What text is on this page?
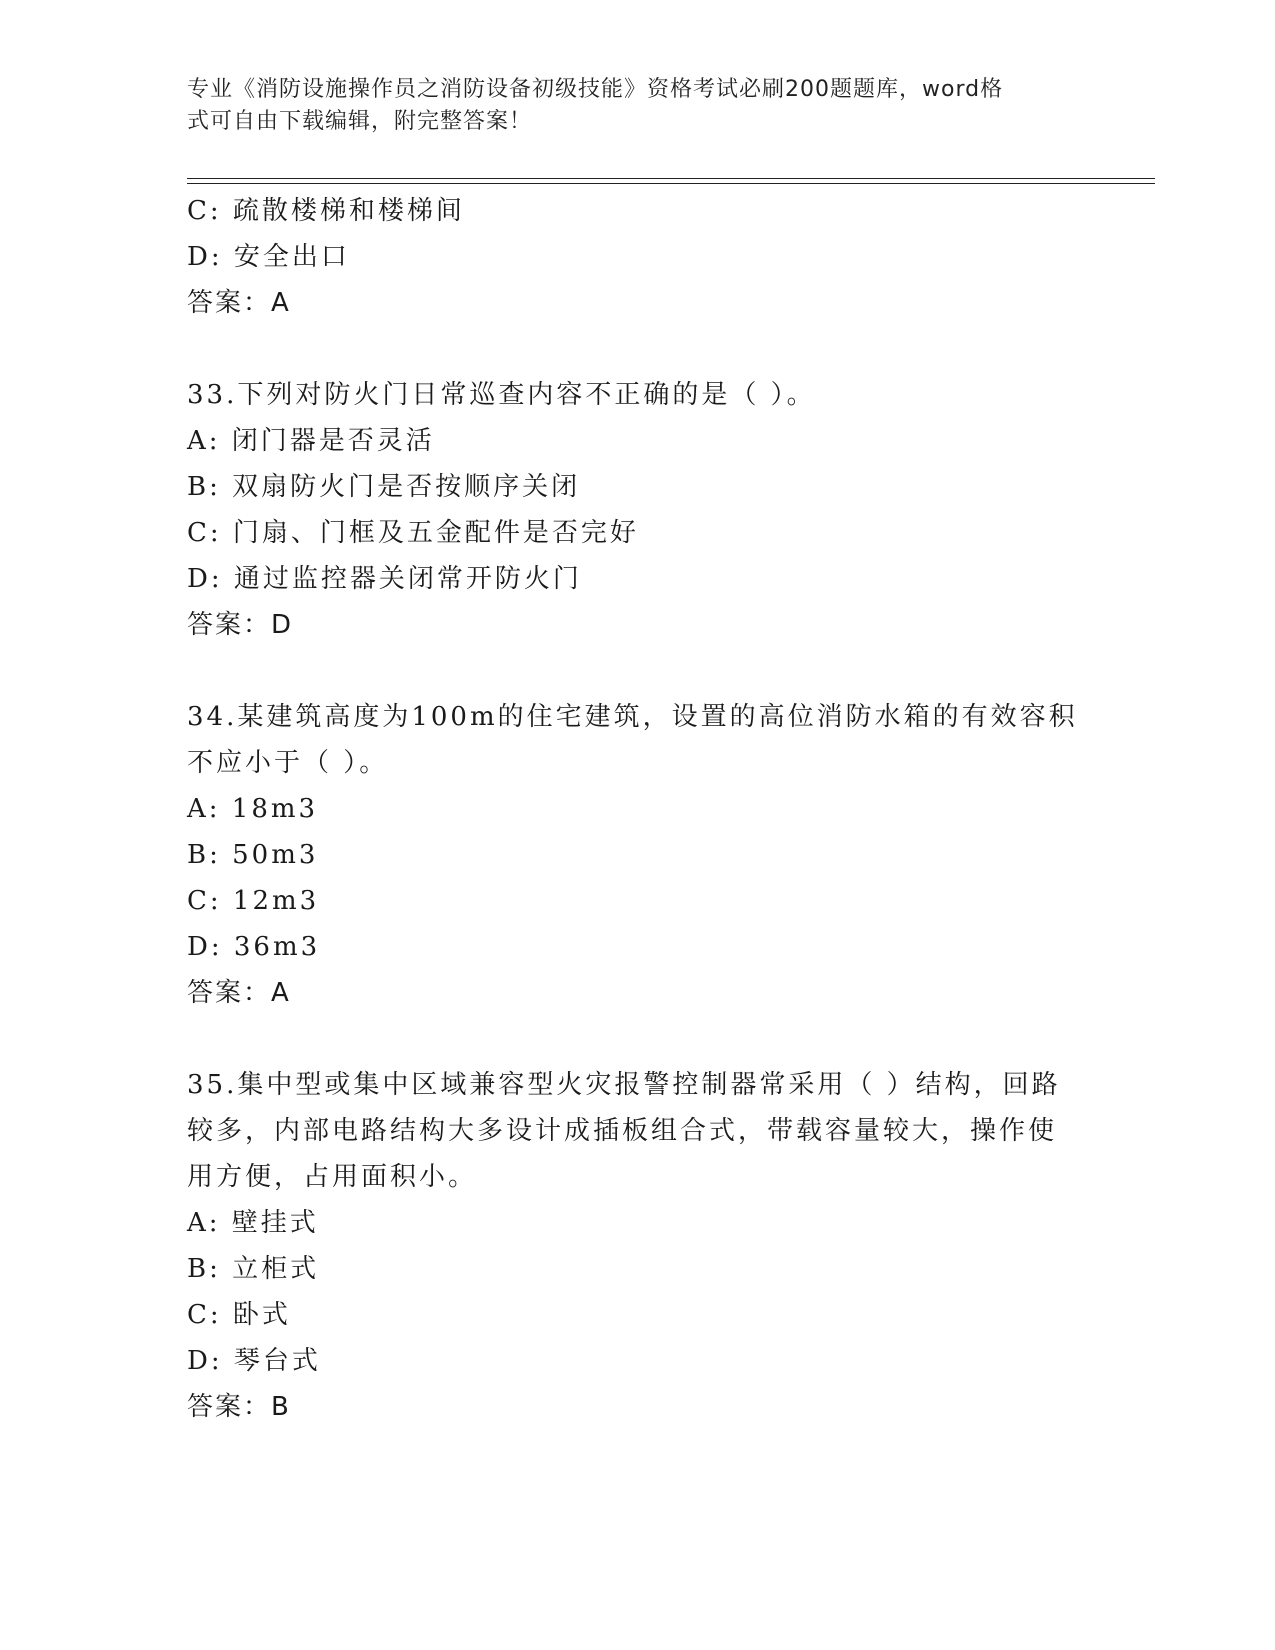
专业《消防设施操作员之消防设备初级技能》资格考试必刷200题题库，word格
式可自由下载编辑，附完整答案！
C: 疏散楼梯和楼梯间
D: 安全出口
答案：A
33.下列对防火门日常巡查内容不正确的是（ ）。
A: 闭门器是否灵活
B: 双扇防火门是否按顺序关闭
C: 门扇、门框及五金配件是否完好
D: 通过监控器关闭常开防火门
答案：D
34.某建筑高度为100m的住宅建筑，设置的高位消防水箱的有效容积
不应小于（ ）。
A: 18m3
B: 50m3
C: 12m3
D: 36m3
答案：A
35.集中型或集中区域兼容型火灾报警控制器常采用（ ）结构，回路
较多，内部电路结构大多设计成插板组合式，带载容量较大，操作使
用方便，占用面积小。
A: 壁挂式
B: 立柜式
C: 卧式
D: 琴台式
答案：B
